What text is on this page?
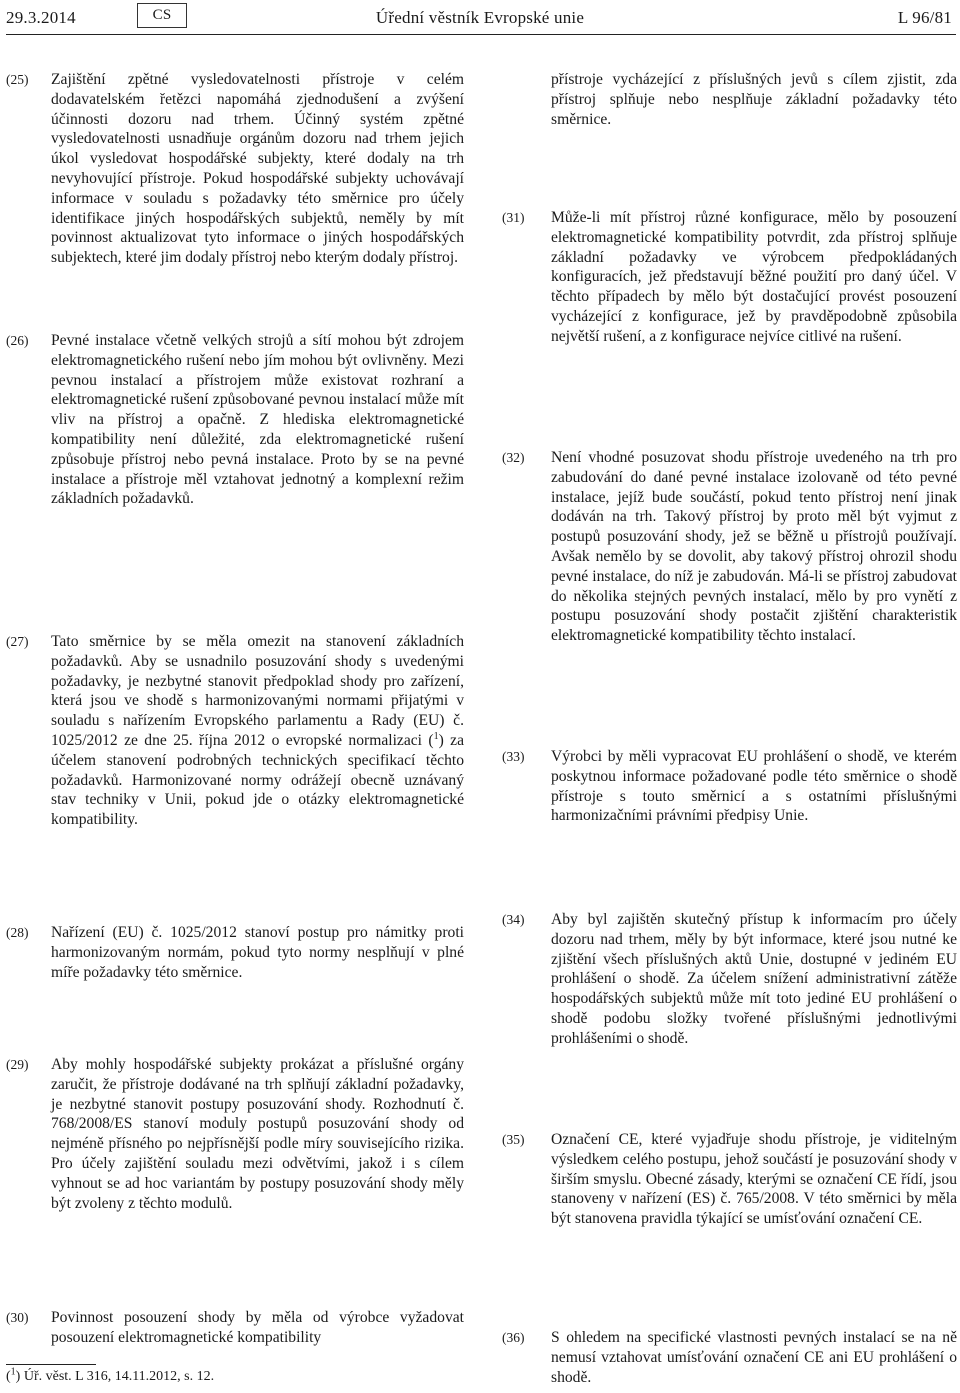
29.3.2014	CS	Úřední věstník Evropské unie	L 96/81
(25) Zajištění zpětné vysledovatelnosti přístroje v celém dodavatelském řetězci napomáhá zjednodušení a zvýšení účinnosti dozoru nad trhem. Účinný systém zpětné vysledovatelnosti usnadňuje orgánům dozoru nad trhem jejich úkol vysledovat hospodářské subjekty, které dodaly na trh nevyhovující přístroje. Pokud hospodářské subjekty uchovávají informace v souladu s požadavky této směrnice pro účely identifikace jiných hospodářských subjektů, neměly by mít povinnost aktualizovat tyto informace o jiných hospodářských subjektech, které jim dodaly přístroj nebo kterým dodaly přístroj.
(26) Pevné instalace včetně velkých strojů a sítí mohou být zdrojem elektromagnetického rušení nebo jím mohou být ovlivněny. Mezi pevnou instalací a přístrojem může existovat rozhraní a elektromagnetické rušení způsobované pevnou instalací může mít vliv na přístroj a opačně. Z hlediska elektromagnetické kompatibility není důležité, zda elektromagnetické rušení způsobuje přístroj nebo pevná instalace. Proto by se na pevné instalace a přístroje měl vztahovat jednotný a komplexní režim základních požadavků.
(27) Tato směrnice by se měla omezit na stanovení základních požadavků. Aby se usnadnilo posuzování shody s uvedenými požadavky, je nezbytné stanovit předpoklad shody pro zařízení, která jsou ve shodě s harmonizovanými normami přijatými v souladu s nařízením Evropského parlamentu a Rady (EU) č. 1025/2012 ze dne 25. října 2012 o evropské normalizaci ($^1$) za účelem stanovení podrobných technických specifikací těchto požadavků. Harmonizované normy odrážejí obecně uznávaný stav techniky v Unii, pokud jde o otázky elektromagnetické kompatibility.
(28) Nařízení (EU) č. 1025/2012 stanoví postup pro námitky proti harmonizovaným normám, pokud tyto normy nesplňují v plné míře požadavky této směrnice.
(29) Aby mohly hospodářské subjekty prokázat a příslušné orgány zaručit, že přístroje dodávané na trh splňují základní požadavky, je nezbytné stanovit postupy posuzování shody. Rozhodnutí č. 768/2008/ES stanoví moduly postupů posuzování shody od nejméně přísného po nejpřísnější podle míry souvisejícího rizika. Pro účely zajištění souladu mezi odvětvími, jakož i s cílem vyhnout se ad hoc variantám by postupy posuzování shody měly být zvoleny z těchto modulů.
(30) Povinnost posouzení shody by měla od výrobce vyžadovat posouzení elektromagnetické kompatibility
přístroje vycházející z příslušných jevů s cílem zjistit, zda přístroj splňuje nebo nesplňuje základní požadavky této směrnice.
(31) Může-li mít přístroj různé konfigurace, mělo by posouzení elektromagnetické kompatibility potvrdit, zda přístroj splňuje základní požadavky ve výrobcem předpokládaných konfiguracích, jež představují běžné použití pro daný účel. V těchto případech by mělo být dostačující provést posouzení vycházející z konfigurace, jež by pravděpodobně způsobila největší rušení, a z konfigurace nejvíce citlivé na rušení.
(32) Není vhodné posuzovat shodu přístroje uvedeného na trh pro zabudování do dané pevné instalace izolovaně od této pevné instalace, jejíž bude součástí, pokud tento přístroj není jinak dodáván na trh. Takový přístroj by proto měl být vyjmut z postupů posuzování shody, jež se běžně u přístrojů používají. Avšak nemělo by se dovolit, aby takový přístroj ohrozil shodu pevné instalace, do níž je zabudován. Má-li se přístroj zabudovat do několika stejných pevných instalací, mělo by pro vynětí z postupu posuzování shody postačit zjištění charakteristik elektromagnetické kompatibility těchto instalací.
(33) Výrobci by měli vypracovat EU prohlášení o shodě, ve kterém poskytnou informace požadované podle této směrnice o shodě přístroje s touto směrnicí a s ostatními příslušnými harmonizačními právními předpisy Unie.
(34) Aby byl zajištěn skutečný přístup k informacím pro účely dozoru nad trhem, měly by být informace, které jsou nutné ke zjištění všech příslušných aktů Unie, dostupné v jediném EU prohlášení o shodě. Za účelem snížení administrativní zátěže hospodářských subjektů může mít toto jediné EU prohlášení o shodě podobu složky tvořené příslušnými jednotlivými prohlášeními o shodě.
(35) Označení CE, které vyjadřuje shodu přístroje, je viditelným výsledkem celého postupu, jehož součástí je posuzování shody v širším smyslu. Obecné zásady, kterými se označení CE řídí, jsou stanoveny v nařízení (ES) č. 765/2008. V této směrnici by měla být stanovena pravidla týkající se umísťování označení CE.
(36) S ohledem na specifické vlastnosti pevných instalací se na ně nemusí vztahovat umísťování označení CE ani EU prohlášení o shodě.
($^1$) Úř. věst. L 316, 14.11.2012, s. 12.
